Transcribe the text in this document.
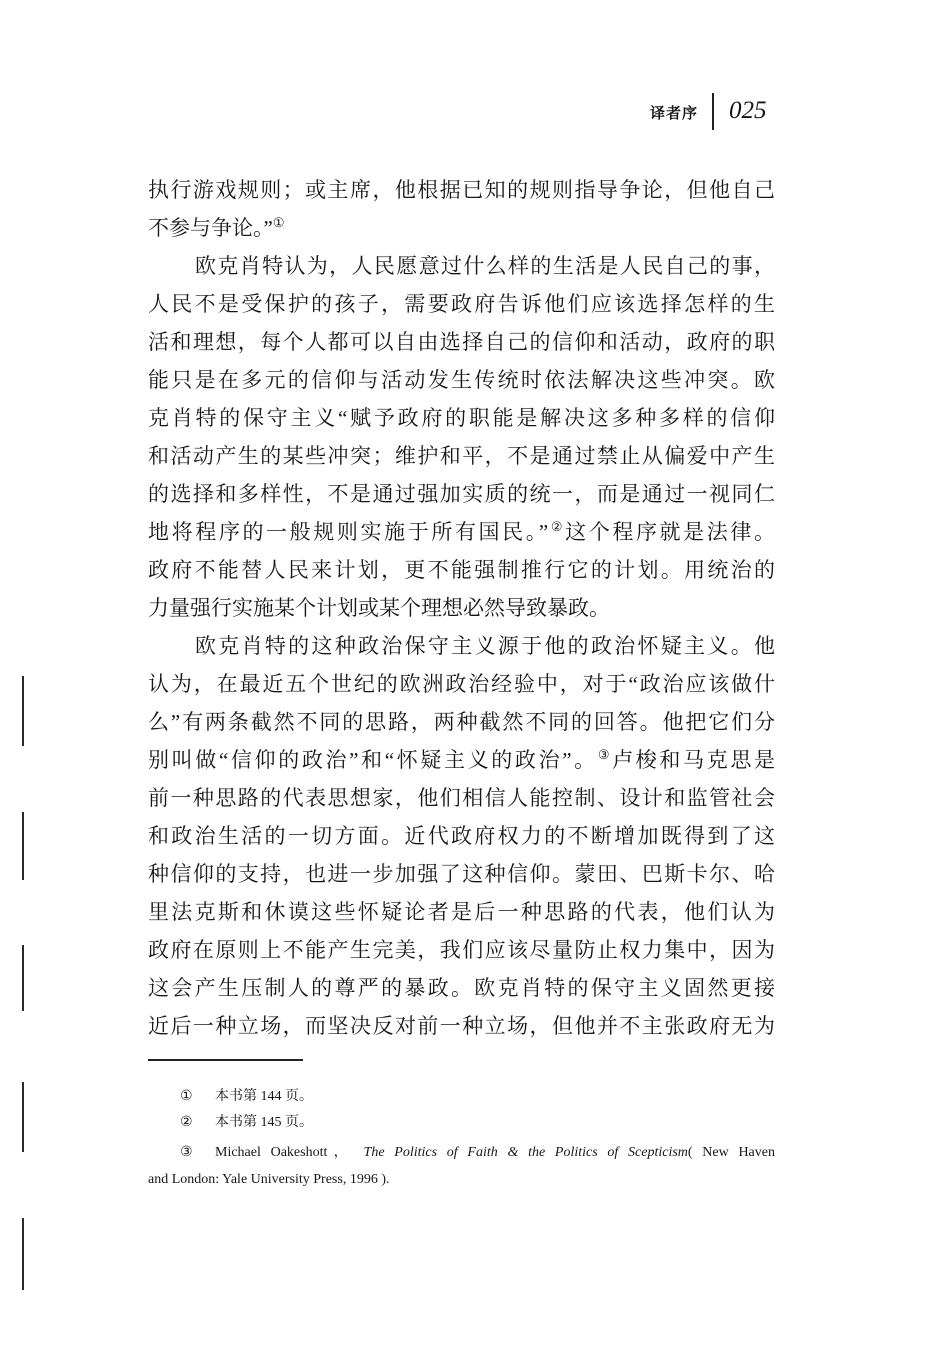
译者序 025
执行游戏规则；或主席，他根据已知的规则指导争论，但他自己
不参与争论。”①
欧克肖特认为，人民愿意过什么样的生活是人民自己的事，
人民不是受保护的孩子，需要政府告诉他们应该选择怎样的生
活和理想，每个人都可以自由选择自己的信仰和活动，政府的职
能只是在多元的信仰与活动发生传统时依法解决这些冲突。欧
克肖特的保守主义“赋予政府的职能是解决这多种多样的信仰
和活动产生的某些冲突；维护和平，不是通过禁止从偏爱中产生
的选择和多样性，不是通过强加实质的统一，而是通过一视同仁
地将程序的一般规则实施于所有国民。”②这个程序就是法律。
政府不能替人民来计划，更不能强制推行它的计划。用统治的
力量强行实施某个计划或某个理想必然导致暴政。
欧克肖特的这种政治保守主义源于他的政治怀疑主义。他
认为，在最近五个世纪的欧洲政治经验中，对于“政治应该做什
么”有两条截然不同的思路，两种截然不同的回答。他把它们分
别叫做“信仰的政治”和“怀疑主义的政治”。③卢梭和马克思是
前一种思路的代表思想家，他们相信人能控制、设计和监管社会
和政治生活的一切方面。近代政府权力的不断增加既得到了这
种信仰的支持，也进一步加强了这种信仰。蒙田、巴斯卡尔、哈
里法克斯和休谟这些怀疑论者是后一种思路的代表，他们认为
政府在原则上不能产生完美，我们应该尽量防止权力集中，因为
这会产生压制人的尊严的暴政。欧克肖特的保守主义固然更接
近后一种立场，而坚决反对前一种立场，但他并不主张政府无为
① 本书第 144 页。
② 本书第 145 页。
③ Michael Oakeshott， The Politics of Faith & the Politics of Scepticism( New Haven
and London: Yale University Press, 1996 ).
